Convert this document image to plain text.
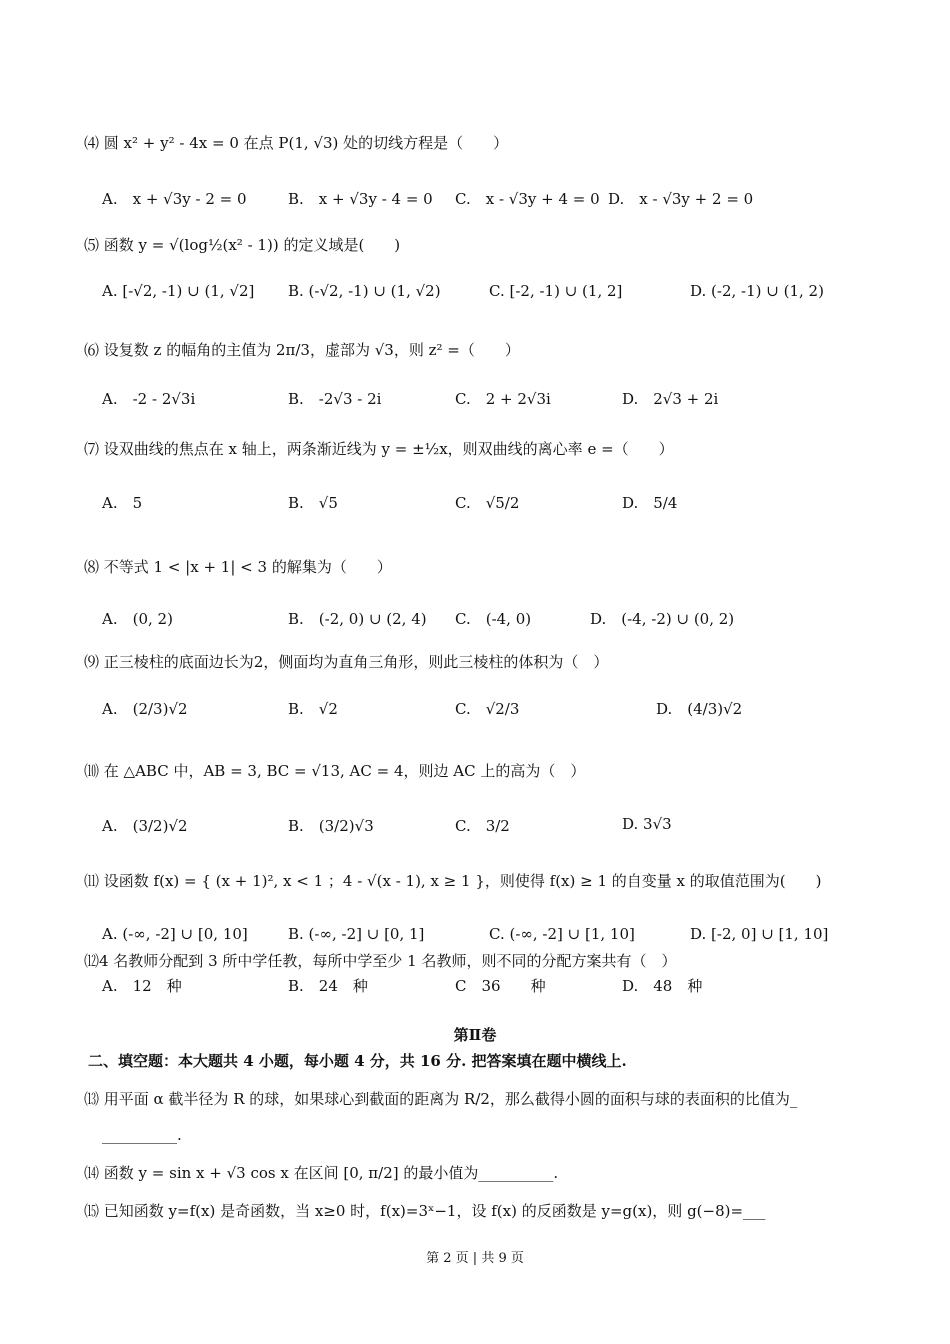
⑷ 圆 x² + y² - 4x = 0 在点 P(1, √3) 处的切线方程是（　　）
A.　x + √3y - 2 = 0	B.　x + √3y - 4 = 0 C.　x - √3y + 4 = 0 D.　x - √3y + 2 = 0
⑸ 函数 y = √(log½(x² - 1)) 的定义域是(　　)
A. [-√2, -1) ∪ (1, √2] B. (-√2, -1) ∪ (1, √2)	C. [-2, -1) ∪ (1, 2]	D. (-2, -1) ∪ (1, 2)
⑹ 设复数 z 的幅角的主值为 2π/3，虚部为 √3，则 z² =（　　）
A.　-2 - 2√3i	B.　-2√3 - 2i	C.　2 + 2√3i	D.　2√3 + 2i
⑺ 设双曲线的焦点在 x 轴上，两条渐近线为 y = ±½x，则双曲线的离心率 e =（　　）
A.　5	B.　√5	C.　√5/2	D.　5/4
⑻ 不等式 1 < |x + 1| < 3 的解集为（　　）
A.　(0, 2)	B.　(-2, 0) ∪ (2, 4) C.　(-4, 0)	D.　(-4, -2) ∪ (0, 2)
⑼ 正三棱柱的底面边长为2，侧面均为直角三角形，则此三棱柱的体积为（　）
A.　(2/3)√2	B.　√2	C.　√2/3	D.　(4/3)√2
⑽ 在 △ABC 中，AB = 3, BC = √13, AC = 4，则边 AC 上的高为（　）
A.　(3/2)√2	B.　(3/2)√3	C.　3/2	D. 3√3
⑾ 设函数 f(x) = { (x + 1)², x < 1 ；4 - √(x - 1), x ≥ 1 }，则使得 f(x) ≥ 1 的自变量 x 的取值范围为(　　)
A. (-∞, -2] ∪ [0, 10]	B. (-∞, -2] ∪ [0, 1]	C. (-∞, -2] ∪ [1, 10]	D. [-2, 0] ∪ [1, 10]
⑿4 名教师分配到 3 所中学任教，每所中学至少 1 名教师，则不同的分配方案共有（　）
A.　12　种	B.　24　种	C　36　　种	D.　48　种
第Ⅱ卷
二、填空题：本大题共 4 小题，每小题 4 分，共 16 分. 把答案填在题中横线上.
⒀ 用平面 α 截半径为 R 的球，如果球心到截面的距离为 R/2，那么截得小圆的面积与球的表面积的比值为_
__________.
⒁ 函数 y = sin x + √3 cos x 在区间 [0, π/2] 的最小值为__________.
⒂ 已知函数 y=f(x) 是奇函数，当 x≥0 时，f(x)=3ˣ−1，设 f(x) 的反函数是 y=g(x)，则 g(−8)=___
第 2 页 | 共 9 页
